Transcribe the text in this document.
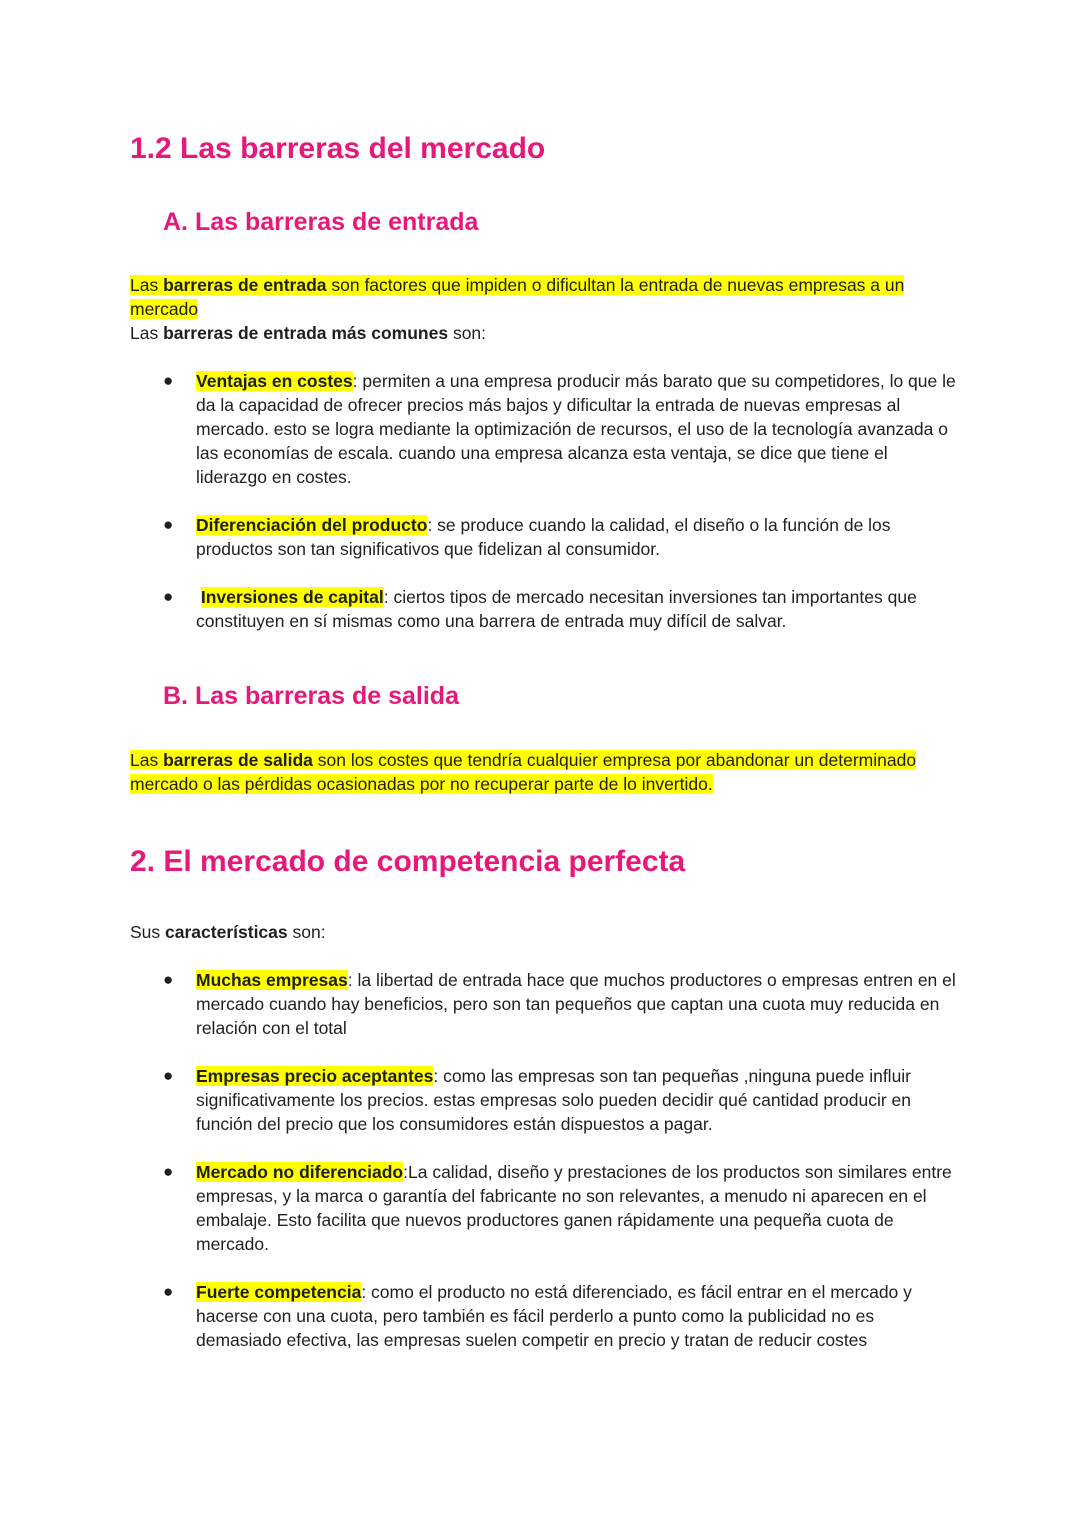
1.2 Las barreras del mercado
A. Las barreras de entrada

Las barreras de entrada son factores que impiden o dificultan la entrada de nuevas empresas a un mercado

Las barreras de entrada más comunes son:

● Ventajas en costes: permiten a una empresa producir más barato que su competidores, lo que le da la capacidad de ofrecer precios más bajos y dificultar la entrada de nuevas empresas al mercado. esto se logra mediante la optimización de recursos, el uso de la tecnología avanzada o las economías de escala. cuando una empresa alcanza esta ventaja, se dice que tiene el liderazgo en costes.
● Diferenciación del producto: se produce cuando la calidad, el diseño o la función de los productos son tan significativos que fidelizan al consumidor.
● Inversiones de capital: ciertos tipos de mercado necesitan inversiones tan importantes que constituyen en sí mismas como una barrera de entrada muy difícil de salvar.
B. Las barreras de salida

Las barreras de salida son los costes que tendría cualquier empresa por abandonar un determinado mercado o las pérdidas ocasionadas por no recuperar parte de lo invertido.

2. El mercado de competencia perfecta

Sus características son:

● Muchas empresas: la libertad de entrada hace que muchos productores o empresas entren en el mercado cuando hay beneficios, pero son tan pequeños que captan una cuota muy reducida en relación con el total
● Empresas precio aceptantes: como las empresas son tan pequeñas ,ninguna puede influir significativamente los precios. estas empresas solo pueden decidir qué cantidad producir en función del precio que los consumidores están dispuestos a pagar.
● Mercado no diferenciado:La calidad, diseño y prestaciones de los productos son similares entre empresas, y la marca o garantía del fabricante no son relevantes, a menudo ni aparecen en el embalaje. Esto facilita que nuevos productores ganen rápidamente una pequeña cuota de mercado.
● Fuerte competencia: como el producto no está diferenciado, es fácil entrar en el mercado y hacerse con una cuota, pero también es fácil perderlo a punto como la publicidad no es demasiado efectiva, las empresas suelen competir en precio y tratan de reducir costes
